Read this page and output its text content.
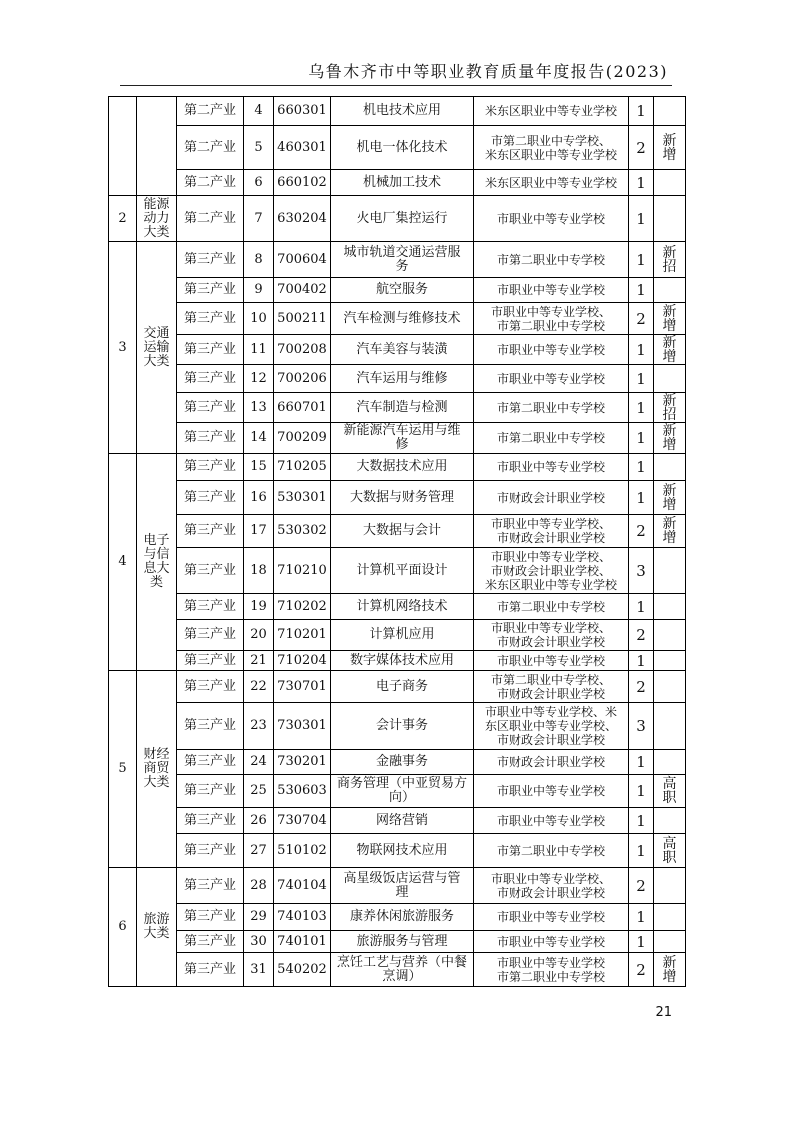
乌鲁木齐市中等职业教育质量年度报告(2023)
		第二产业	4	660301	机电技术应用	米东区职业中等专业学校	1	
		第二产业	5	460301	机电一体化技术	市第二职业中专学校、
米东区职业中等专业学校	2	新
增
		第二产业	6	660102	机械加工技术	米东区职业中等专业学校	1	
2	能源
动力
大类	第二产业	7	630204	火电厂集控运行	市职业中等专业学校	1	
3	交通
运输
大类	第三产业	8	700604	城市轨道交通运营服
务	市第二职业中专学校	1	新
招
		第三产业	9	700402	航空服务	市职业中等专业学校	1	
		第三产业	10	500211	汽车检测与维修技术	市职业中等专业学校、
市第二职业中专学校	2	新
增
		第三产业	11	700208	汽车美容与装潢	市职业中等专业学校	1	新
增
		第三产业	12	700206	汽车运用与维修	市职业中等专业学校	1	
		第三产业	13	660701	汽车制造与检测	市第二职业中专学校	1	新
招
		第三产业	14	700209	新能源汽车运用与维
修	市第二职业中专学校	1	新
增
4	电子
与信
息大
类	第三产业	15	710205	大数据技术应用	市职业中等专业学校	1	
		第三产业	16	530301	大数据与财务管理	市财政会计职业学校	1	新
增
		第三产业	17	530302	大数据与会计	市职业中等专业学校、
市财政会计职业学校	2	新
增
		第三产业	18	710210	计算机平面设计	市职业中等专业学校、
市财政会计职业学校、
米东区职业中等专业学校	3	
		第三产业	19	710202	计算机网络技术	市第二职业中专学校	1	
		第三产业	20	710201	计算机应用	市职业中等专业学校、
市财政会计职业学校	2	
		第三产业	21	710204	数字媒体技术应用	市职业中等专业学校	1	
5	财经
商贸
大类	第三产业	22	730701	电子商务	市第二职业中专学校、
市财政会计职业学校	2	
		第三产业	23	730301	会计事务	市职业中等专业学校、米
东区职业中等专业学校、
市财政会计职业学校	3	
		第三产业	24	730201	金融事务	市财政会计职业学校	1	
		第三产业	25	530603	商务管理（中亚贸易方
向）	市职业中等专业学校	1	高
职
		第三产业	26	730704	网络营销	市职业中等专业学校	1	
		第三产业	27	510102	物联网技术应用	市第二职业中专学校	1	高
职
6	旅游
大类	第三产业	28	740104	高星级饭店运营与管
理	市职业中等专业学校、
市财政会计职业学校	2	
		第三产业	29	740103	康养休闲旅游服务	市职业中等专业学校	1	
		第三产业	30	740101	旅游服务与管理	市职业中等专业学校	1	
		第三产业	31	540202	烹饪工艺与营养（中餐
烹调）	市职业中等专业学校
市第二职业中专学校	2	新
增
21
